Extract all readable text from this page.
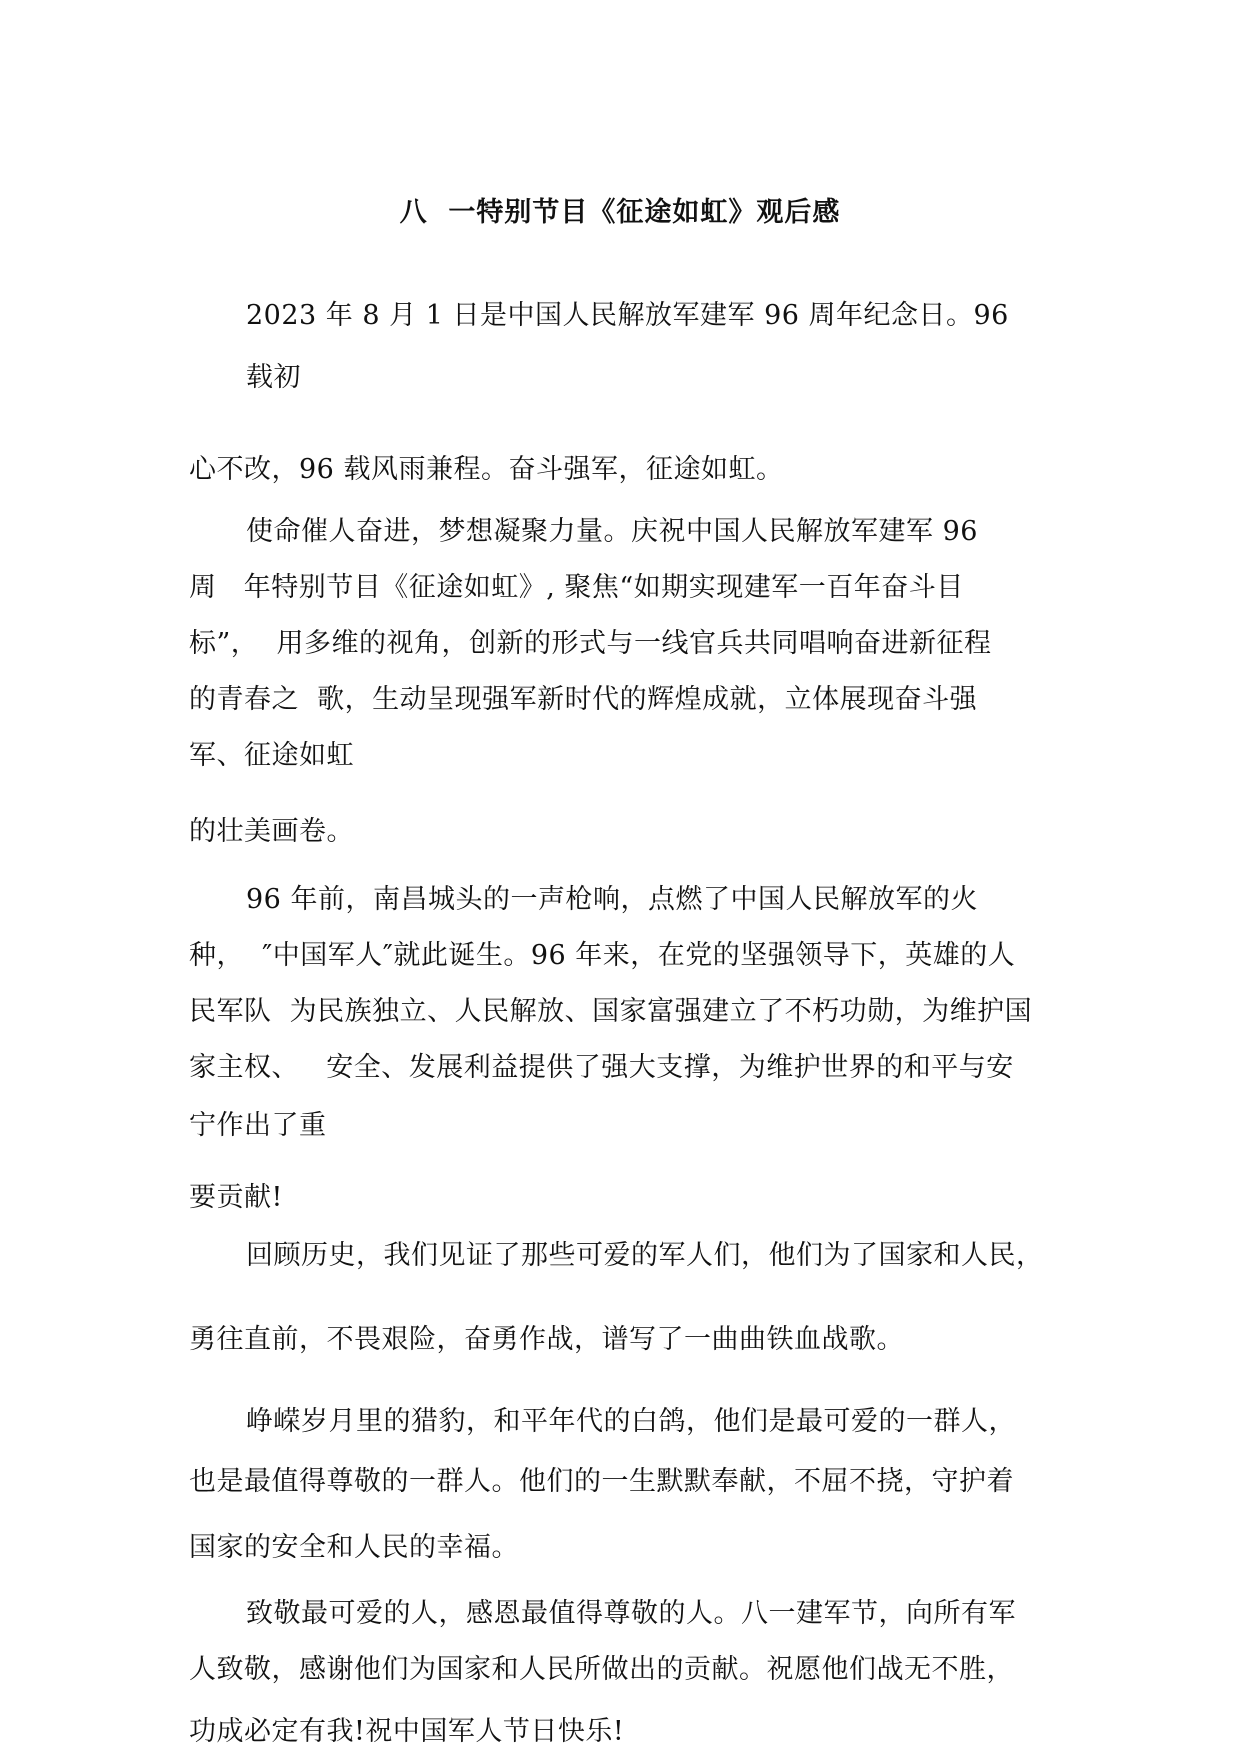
八  一特别节目《征途如虹》观后感
2023 年 8 月 1 日是中国人民解放军建军 96 周年纪念日。96
载初
心不改，96 载风雨兼程。奋斗强军，征途如虹。
使命催人奋进，梦想凝聚力量。庆祝中国人民解放军建军 96
周   年特别节目《征途如虹》, 聚焦“如期实现建军一百年奋斗目
标”，  用多维的视角，创新的形式与一线官兵共同唱响奋进新征程
的青春之  歌，生动呈现强军新时代的辉煌成就，立体展现奋斗强
军、征途如虹
的壮美画卷。
96 年前，南昌城头的一声枪响，点燃了中国人民解放军的火
种，  ″中国军人″就此诞生。96 年来，在党的坚强领导下，英雄的人
民军队  为民族独立、人民解放、国家富强建立了不朽功勋，为维护国
家主权、   安全、发展利益提供了强大支撑，为维护世界的和平与安
宁作出了重
要贡献!
回顾历史，我们见证了那些可爱的军人们，他们为了国家和人民，
勇往直前，不畏艰险，奋勇作战，谱写了一曲曲铁血战歌。
峥嵘岁月里的猎豹，和平年代的白鸽，他们是最可爱的一群人，
也是最值得尊敬的一群人。他们的一生默默奉献，不屈不挠，守护着
国家的安全和人民的幸福。
致敬最可爱的人，感恩最值得尊敬的人。八一建军节，向所有军
人致敬，感谢他们为国家和人民所做出的贡献。祝愿他们战无不胜，
功成必定有我!祝中国军人节日快乐!
